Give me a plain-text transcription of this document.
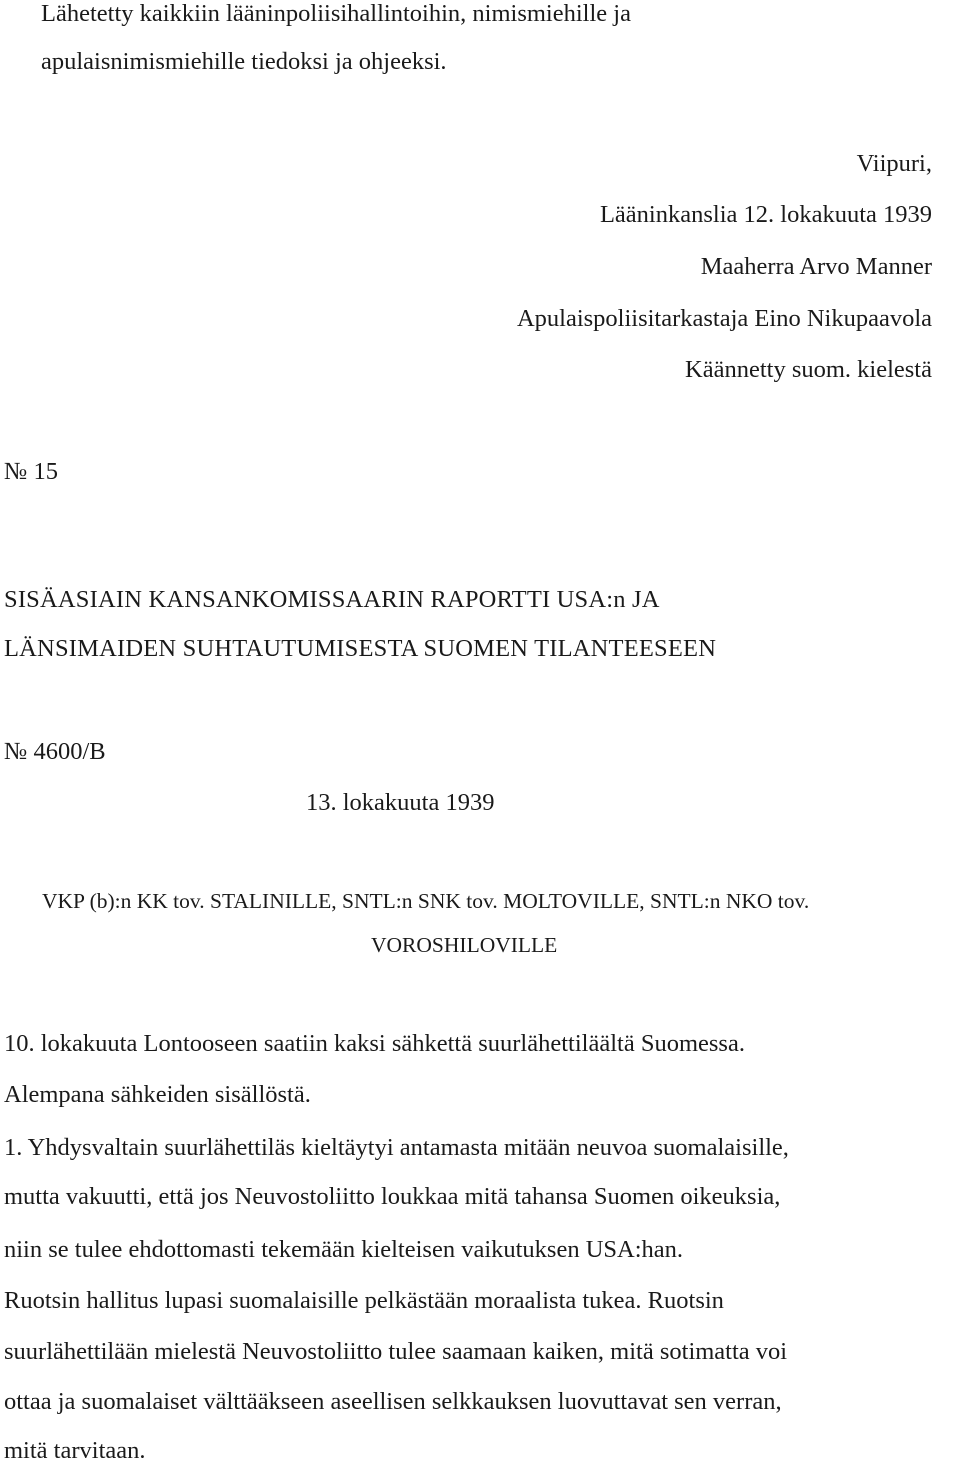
Lähetetty kaikkiin lääninpoliisihallintoihin, nimismiehille ja
apulaisnimismiehille tiedoksi ja ohjeeksi.
Viipuri,
Lääninkanslia 12. lokakuuta 1939
Maaherra Arvo Manner
Apulaispoliisitarkastaja Eino Nikupaavola
Käännetty suom. kielestä
№ 15
SISÄASIAIN KANSANKOMISSAARIN RAPORTTI USA:n JA
LÄNSIMAIDEN SUHTAUTUMISESTA SUOMEN TILANTEESEEN
№ 4600/B
13. lokakuuta 1939
VKP (b):n KK tov. STALINILLE, SNTL:n SNK tov. MOLTOVILLE, SNTL:n NKO tov.
VOROSHILOVILLE
10. lokakuuta Lontooseen saatiin kaksi sähkettä suurlähettiläältä Suomessa.
Alempana sähkeiden sisällöstä.
1. Yhdysvaltain suurlähettiläs kieltäytyi antamasta mitään neuvoa suomalaisille,
mutta vakuutti, että jos Neuvostoliitto loukkaa mitä tahansa Suomen oikeuksia,
niin se tulee ehdottomasti tekemään kielteisen vaikutuksen USA:han.
Ruotsin hallitus lupasi suomalaisille pelkästään moraalista tukea. Ruotsin
suurlähettilään mielestä Neuvostoliitto tulee saamaan kaiken, mitä sotimatta voi
ottaa ja suomalaiset välttääkseen aseellisen selkkauksen luovuttavat sen verran,
mitä tarvitaan.
